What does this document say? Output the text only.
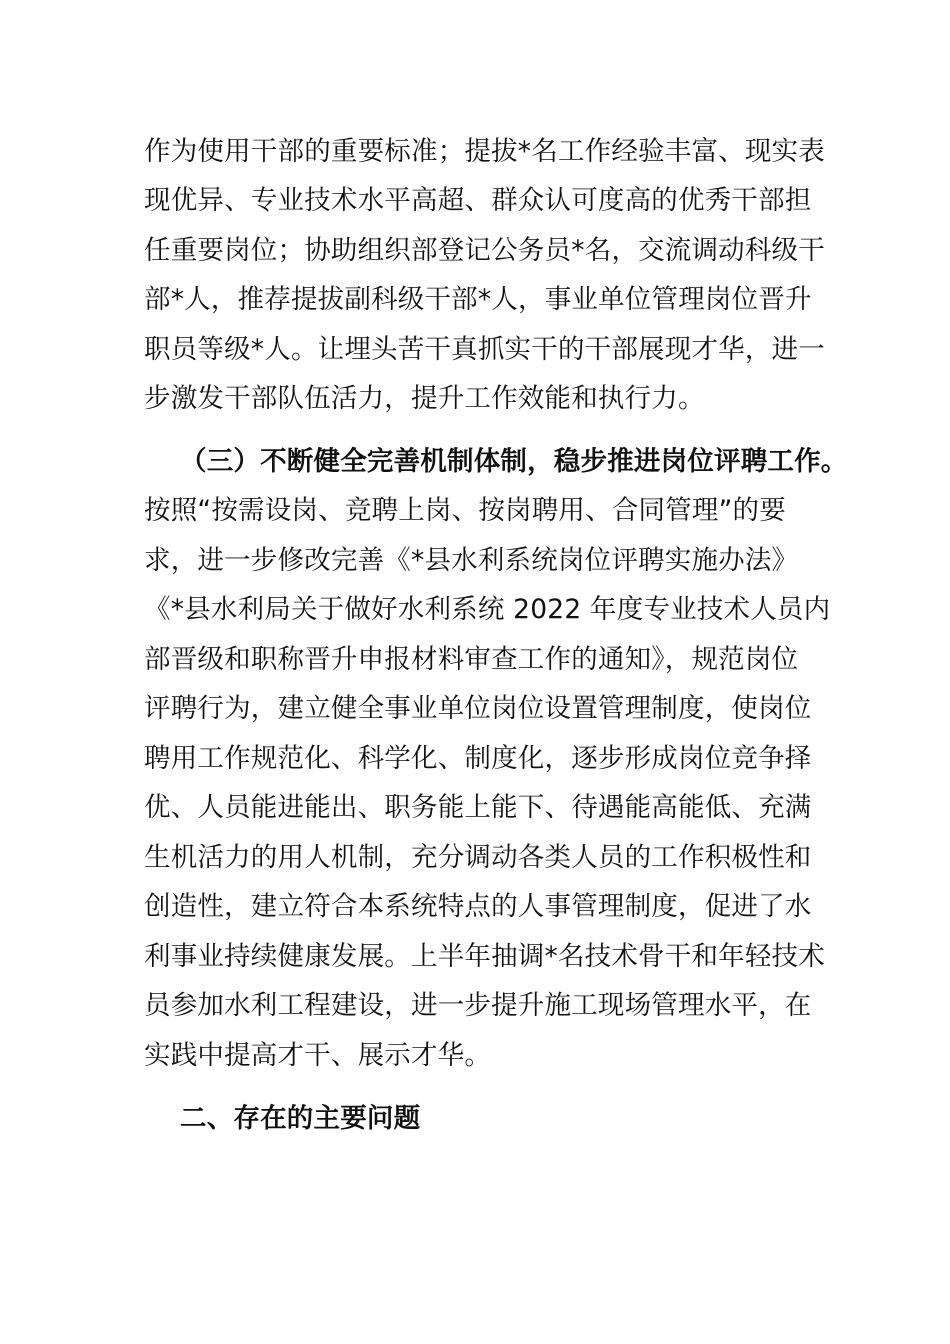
作为使用干部的重要标准；提拔*名工作经验丰富、现实表
现优异、专业技术水平高超、群众认可度高的优秀干部担
任重要岗位；协助组织部登记公务员*名，交流调动科级干
部*人，推荐提拔副科级干部*人，事业单位管理岗位晋升
职员等级*人。让埋头苦干真抓实干的干部展现才华，进一
步激发干部队伍活力，提升工作效能和执行力。
（三）不断健全完善机制体制，稳步推进岗位评聘工作。
按照“按需设岗、竞聘上岗、按岗聘用、合同管理”的要
求，进一步修改完善《*县水利系统岗位评聘实施办法》
《*县水利局关于做好水利系统 2022 年度专业技术人员内
部晋级和职称晋升申报材料审查工作的通知》，规范岗位
评聘行为，建立健全事业单位岗位设置管理制度，使岗位
聘用工作规范化、科学化、制度化，逐步形成岗位竞争择
优、人员能进能出、职务能上能下、待遇能高能低、充满
生机活力的用人机制，充分调动各类人员的工作积极性和
创造性，建立符合本系统特点的人事管理制度，促进了水
利事业持续健康发展。上半年抽调*名技术骨干和年轻技术
员参加水利工程建设，进一步提升施工现场管理水平，在
实践中提高才干、展示才华。
二、存在的主要问题
